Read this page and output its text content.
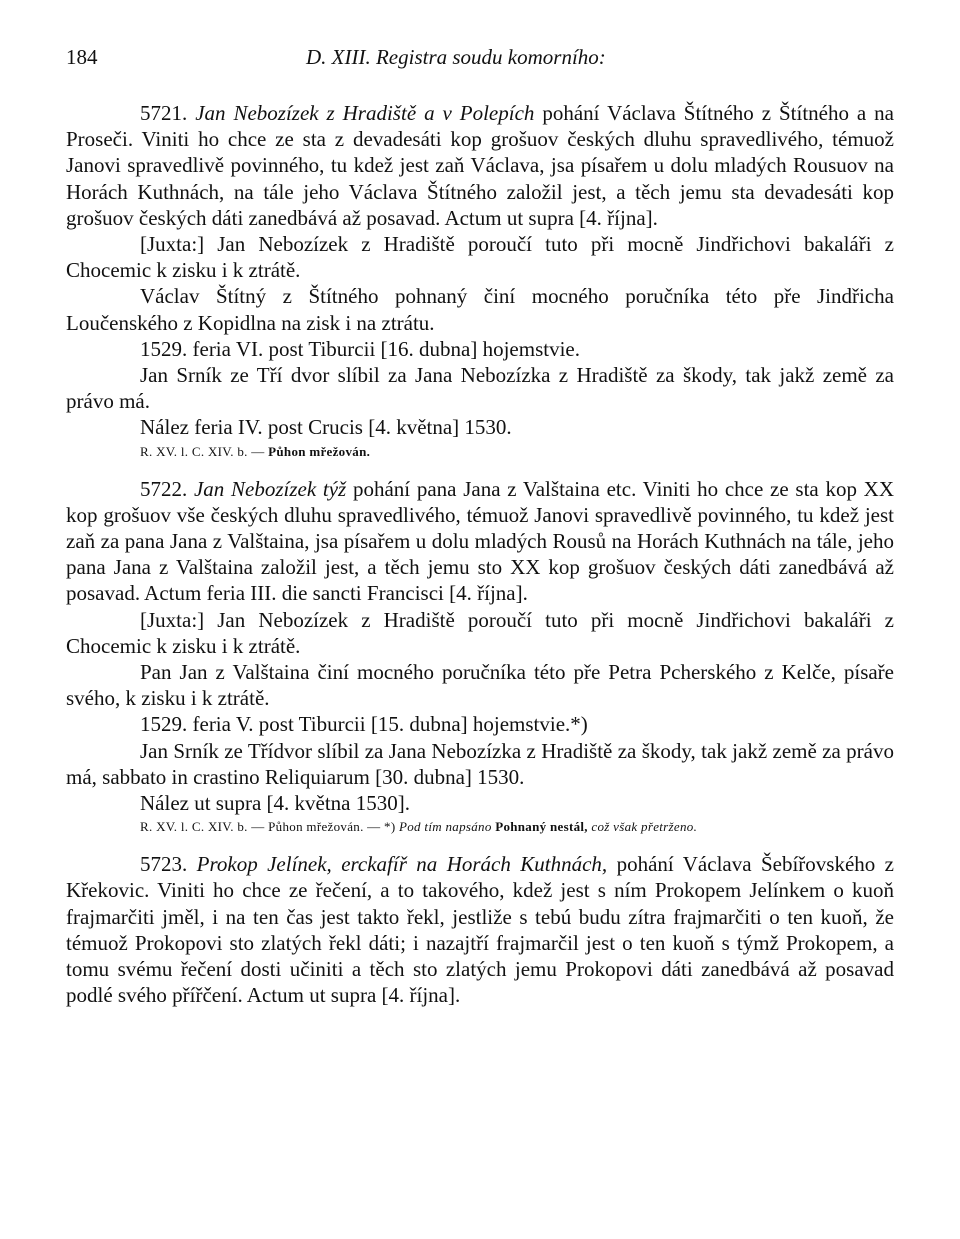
184	D. XIII. Registra soudu komorního:

5721. Jan Nebozízek z Hradiště a v Polepích pohání Václava Štítného z Štítného a na Proseči. Viniti ho chce ze sta z devadesáti kop grošuov českých dluhu spravedlivého, témuož Janovi spravedlivě povinného, tu kdež jest zaň Václava, jsa písařem u dolu mladých Rousuov na Horách Kuthnách, na tále jeho Václava Štítného založil jest, a těch jemu sta devadesáti kop grošuov českých dáti zanedbává až posavad. Actum ut supra [4. října].

[Juxta:] Jan Nebozízek z Hradiště poroučí tuto při mocně Jindřichovi bakaláři z Chocemic k zisku i k ztrátě.

Václav Štítný z Štítného pohnaný činí mocného poručníka této pře Jindřicha Loučenského z Kopidlna na zisk i na ztrátu.

1529. feria VI. post Tiburcii [16. dubna] hojemstvie.

Jan Srník ze Tří dvor slíbil za Jana Nebozízka z Hradiště za škody, tak jakž země za právo má.

Nález feria IV. post Crucis [4. května] 1530.

R. XV. l. C. XIV. b. — Půhon mřežován.

5722. Jan Nebozízek týž pohání pana Jana z Valštaina etc. Viniti ho chce ze sta kop XX kop grošuov vše českých dluhu spravedlivého, témuož Janovi spravedlivě povinného, tu kdež jest zaň za pana Jana z Valštaina, jsa písařem u dolu mladých Rousů na Horách Kuthnách na tále, jeho pana Jana z Valštaina založil jest, a těch jemu sto XX kop grošuov českých dáti zanedbává až posavad. Actum feria III. die sancti Francisci [4. října].

[Juxta:] Jan Nebozízek z Hradiště poroučí tuto při mocně Jindřichovi bakaláři z Chocemic k zisku i k ztrátě.

Pan Jan z Valštaina činí mocného poručníka této pře Petra Pcherského z Kelče, písaře svého, k zisku i k ztrátě.

1529. feria V. post Tiburcii [15. dubna] hojemstvie.*)

Jan Srník ze Třídvor slíbil za Jana Nebozízka z Hradiště za škody, tak jakž země za právo má, sabbato in crastino Reliquiarum [30. dubna] 1530.

Nález ut supra [4. května 1530].

R. XV. l. C. XIV. b. — Půhon mřežován. — *) Pod tím napsáno Pohnaný nestál, což však přetrženo.

5723. Prokop Jelínek, erckafíř na Horách Kuthnách, pohání Václava Šebířovského z Křekovic. Viniti ho chce ze řečení, a to takového, kdež jest s ním Prokopem Jelínkem o kuoň frajmarčiti jměl, i na ten čas jest takto řekl, jestliže s tebú budu zítra frajmarčiti o ten kuoň, že témuož Prokopovi sto zlatých řekl dáti; i nazajtří frajmarčil jest o ten kuoň s týmž Prokopem, a tomu svému řečení dosti učiniti a těch sto zlatých jemu Prokopovi dáti zanedbává až posavad podlé svého přířčení. Actum ut supra [4. října].
